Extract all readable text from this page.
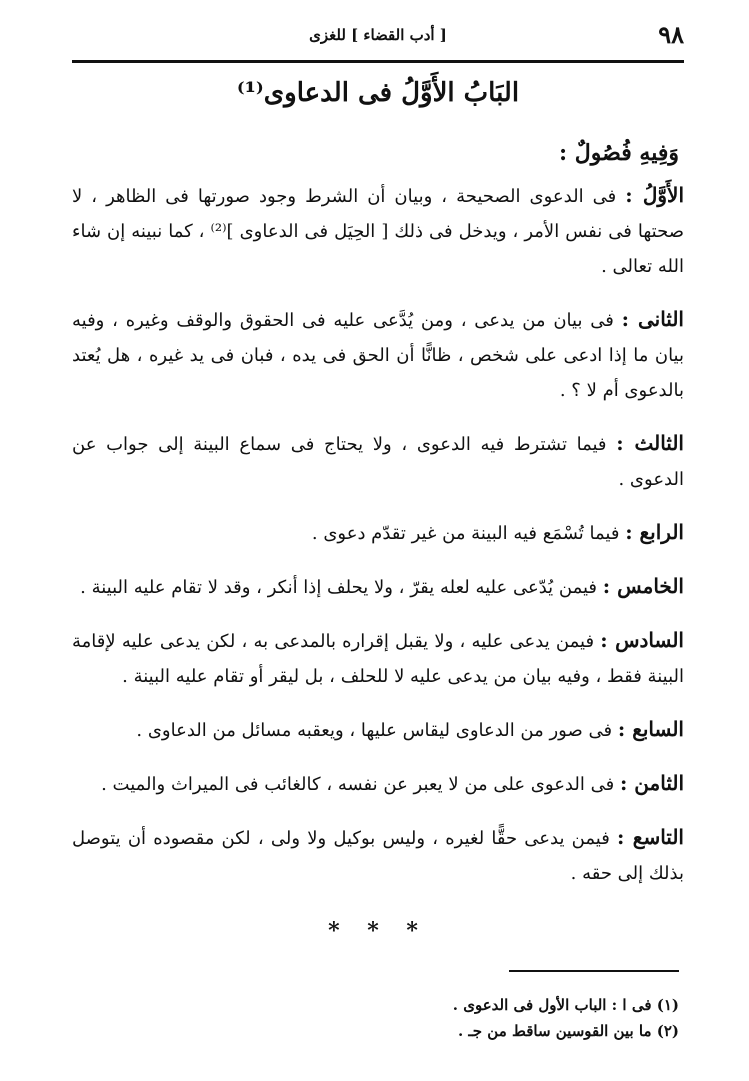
٩٨
[ أدب القضاء ] للغزى
البَابُ الأَوَّلُ فى الدعاوى⁽¹⁾
وَفِيهِ فُصُولٌ :

الأَوَّلُ : فى الدعوى الصحيحة ، وبيان أن الشرط وجود صورتها فى الظاهر ، لا صحتها فى نفس الأمر ، ويدخل فى ذلك [ الحِيَل فى الدعاوى ]⁽²⁾ ، كما نبينه إن شاء الله تعالى .

الثانى : فى بيان من يدعى ، ومن يُدَّعى عليه فى الحقوق والوقف وغيره ، وفيه بيان ما إذا ادعى على شخص ، ظانًّا أن الحق فى يده ، فبان فى يد غيره ، هل يُعتد بالدعوى أم لا ؟ .

الثالث : فيما تشترط فيه الدعوى ، ولا يحتاج فى سماع البينة إلى جواب عن الدعوى .

الرابع : فيما تُسْمَع فيه البينة من غير تقدّم دعوى .

الخامس : فيمن يُدّعى عليه لعله يقرّ ، ولا يحلف إذا أنكر ، وقد لا تقام عليه البينة .

السادس : فيمن يدعى عليه ، ولا يقبل إقراره بالمدعى به ، لكن يدعى عليه لإقامة البينة فقط ، وفيه بيان من يدعى عليه لا للحلف ، بل ليقر أو تقام عليه البينة .

السابع : فى صور من الدعاوى ليقاس عليها ، ويعقبه مسائل من الدعاوى .

الثامن : فى الدعوى على من لا يعبر عن نفسه ، كالغائب فى الميراث والميت .

التاسع : فيمن يدعى حقًّا لغيره ، وليس بوكيل ولا ولى ، لكن مقصوده أن يتوصل بذلك إلى حقه .

* * *
(١) فى ا : الباب الأول فى الدعوى .
(٢) ما بين القوسين ساقط من جـ .
